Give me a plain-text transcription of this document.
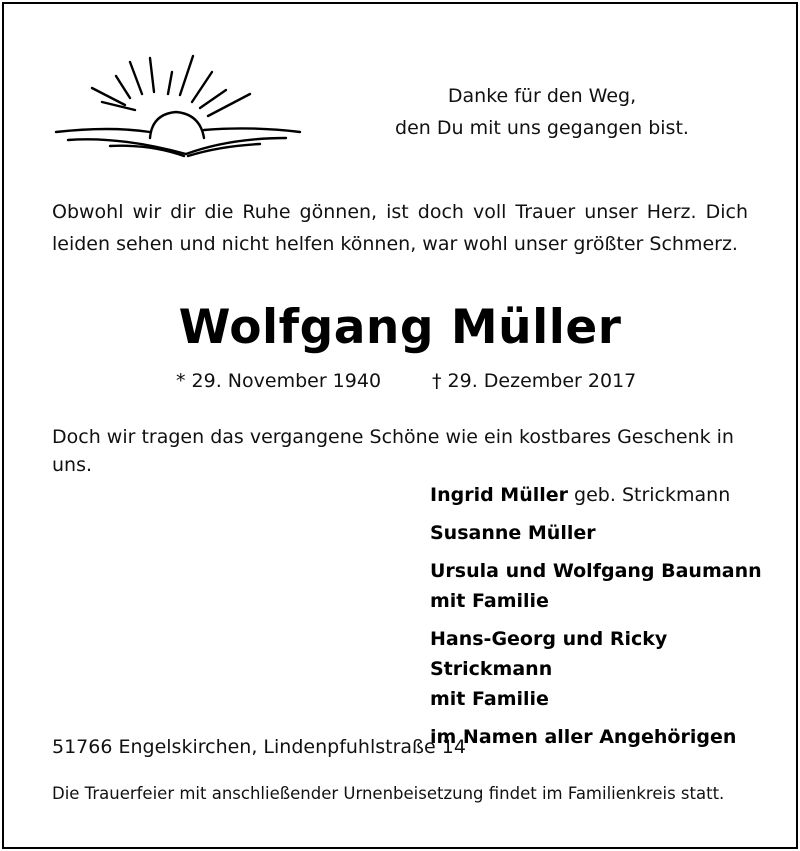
Danke für den Weg,
den Du mit uns gegangen bist.
Obwohl wir dir die Ruhe gönnen, ist doch voll Trauer unser Herz. Dich leiden sehen und nicht helfen können, war wohl unser größter Schmerz.
Wolfgang Müller
* 29. November 1940	† 29. Dezember 2017
Doch wir tragen das vergangene Schöne wie ein kostbares Geschenk in uns.
Ingrid Müller geb. Strickmann
Susanne Müller
Ursula und Wolfgang Baumann
mit Familie
Hans-Georg und Ricky Strickmann
mit Familie
im Namen aller Angehörigen
51766 Engelskirchen, Lindenpfuhlstraße 14
Die Trauerfeier mit anschließender Urnenbeisetzung findet im Familienkreis statt.
